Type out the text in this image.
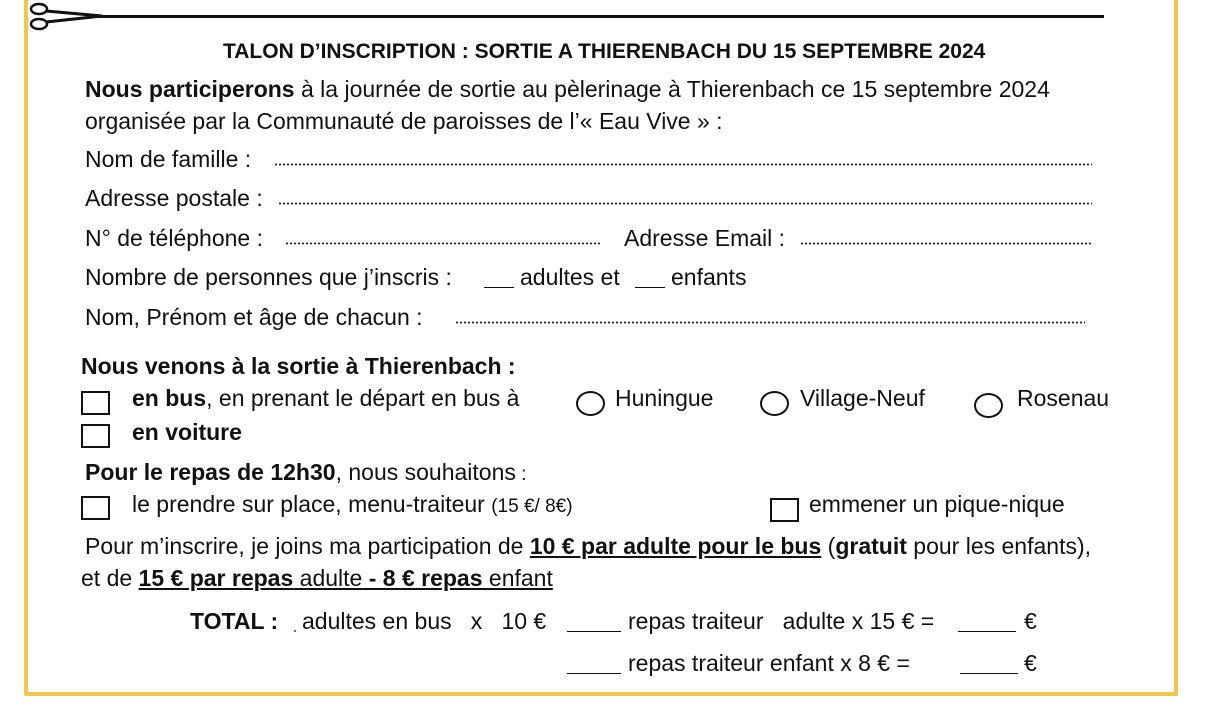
TALON D’INSCRIPTION : SORTIE A THIERENBACH DU 15 SEPTEMBRE 2024
Nous participerons à la journée de sortie au pèlerinage à Thierenbach ce 15 septembre 2024
organisée par la Communauté de paroisses de l’« Eau Vive » :
Nom de famille :
Adresse postale :
N° de téléphone :	Adresse Email :
Nombre de personnes que j’inscris :	adultes et enfants
Nom, Prénom et âge de chacun :
Nous venons à la sortie à Thierenbach :
en bus, en prenant le départ en bus à	Huningue	Village-Neuf	Rosenau
en voiture
Pour le repas de 12h30, nous souhaitons :
le prendre sur place, menu-traiteur (15 €/ 8€)	emmener un pique-nique
Pour m’inscrire, je joins ma participation de 10 € par adulte pour le bus (gratuit pour les enfants),
et de 15 € par repas adulte - 8 € repas enfant
TOTAL : adultes en bus   x   10 €	repas traiteur   adulte x 15 € =	€
repas traiteur enfant x 8 € =	€
